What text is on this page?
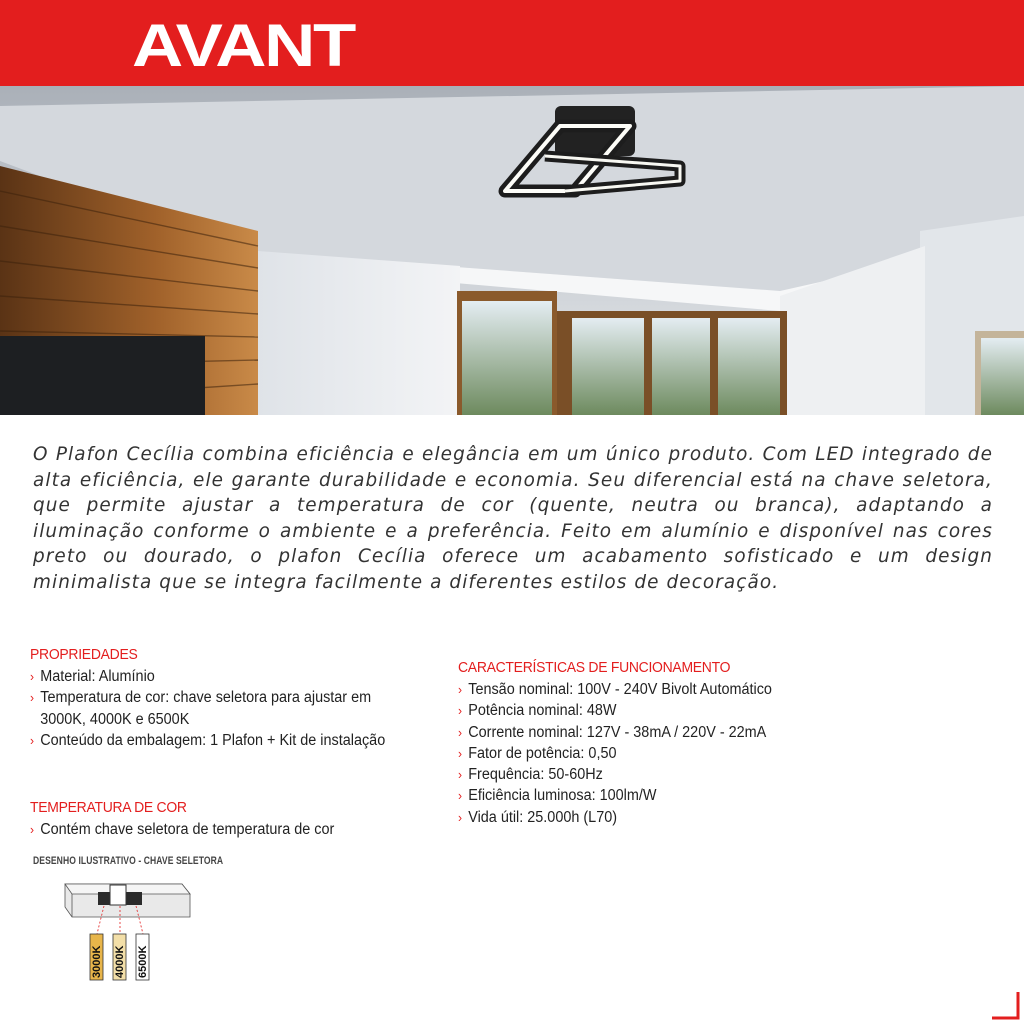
AVANT

O Plafon Cecília combina eficiência e elegância em um único produto. Com LED integrado de alta eficiência, ele garante durabilidade e economia. Seu diferencial está na chave seletora, que permite ajustar a temperatura de cor (quente, neutra ou branca), adaptando a iluminação conforme o ambiente e a preferência. Feito em alumínio e disponível nas cores preto ou dourado, o plafon Cecília oferece um acabamento sofisticado e um design minimalista que se integra facilmente a diferentes estilos de decoração.

PROPRIEDADES
› Material: Alumínio
› Temperatura de cor: chave seletora para ajustar em 3000K, 4000K e 6500K
› Conteúdo da embalagem: 1 Plafon + Kit de instalação
TEMPERATURA DE COR
› Contém chave seletora de temperatura de cor
DESENHO ILUSTRATIVO - CHAVE SELETORA
3000K 4000K 6500K
CARACTERÍSTICAS DE FUNCIONAMENTO
› Tensão nominal: 100V - 240V Bivolt Automático
› Potência nominal: 48W
› Corrente nominal: 127V - 38mA / 220V - 22mA
› Fator de potência: 0,50
› Frequência: 50-60Hz
› Eficiência luminosa: 100lm/W
› Vida útil: 25.000h (L70)
